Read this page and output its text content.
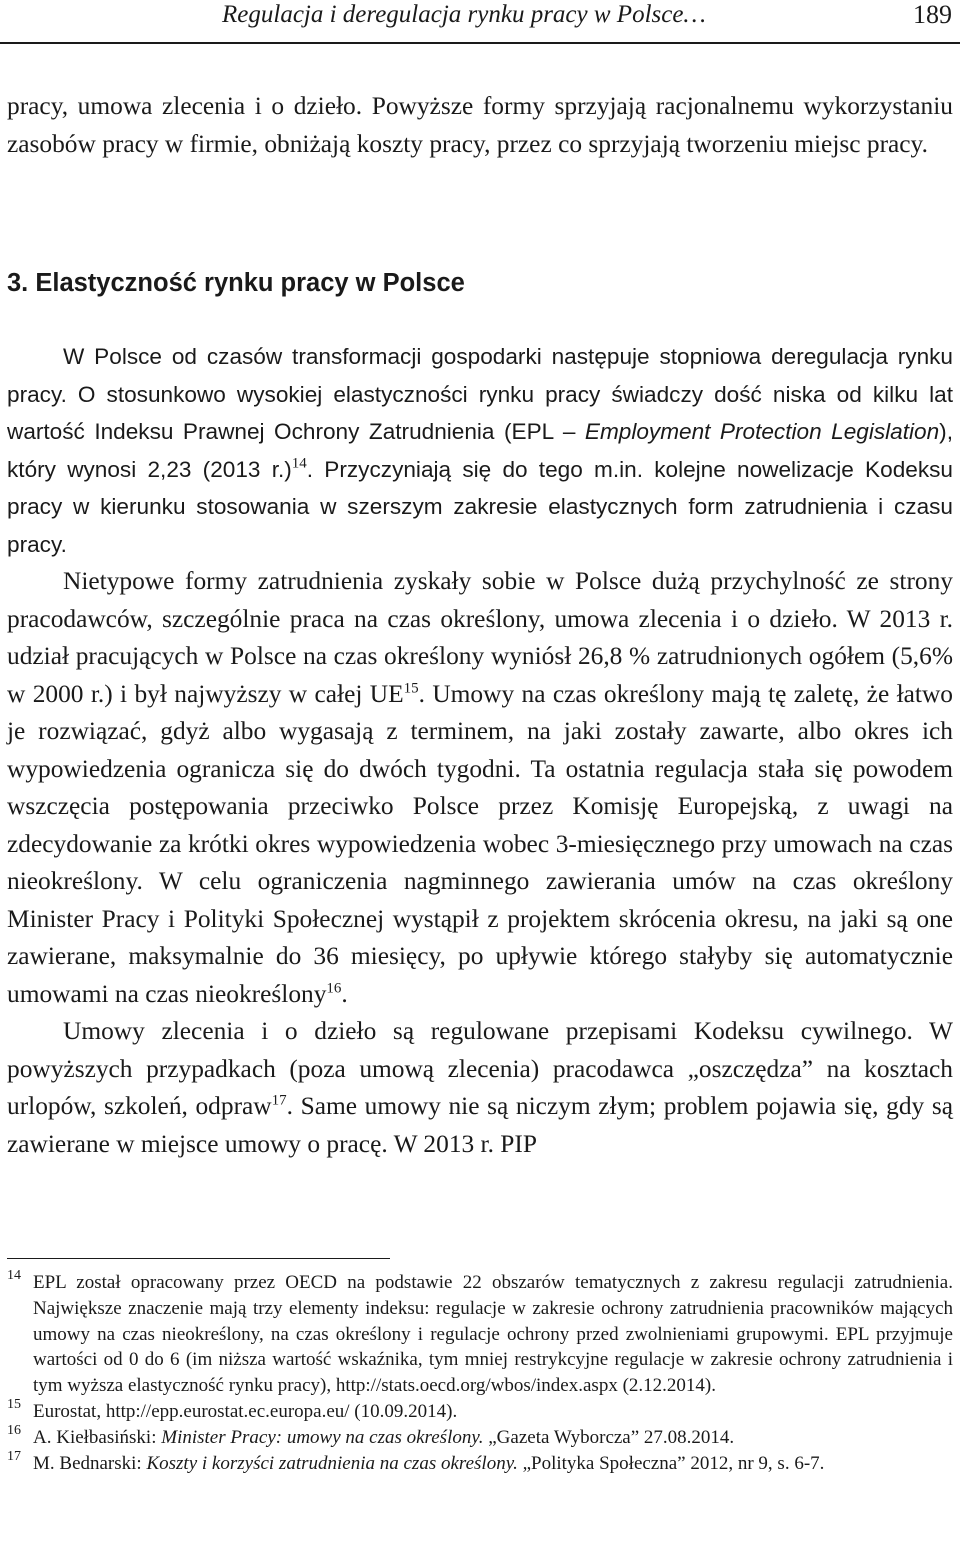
Regulacja i deregulacja rynku pracy w Polsce…	189

pracy, umowa zlecenia i o dzieło. Powyższe formy sprzyjają racjonalnemu wykorzystaniu zasobów pracy w firmie, obniżają koszty pracy, przez co sprzyjają tworzeniu miejsc pracy.

3. Elastyczność rynku pracy w Polsce
W Polsce od czasów transformacji gospodarki następuje stopniowa deregulacja rynku pracy. O stosunkowo wysokiej elastyczności rynku pracy świadczy dość niska od kilku lat wartość Indeksu Prawnej Ochrony Zatrudnienia (EPL – Employment Protection Legislation), który wynosi 2,23 (2013 r.)$^{14}$. Przyczyniają się do tego m.in. kolejne nowelizacje Kodeksu pracy w kierunku stosowania w szerszym zakresie elastycznych form zatrudnienia i czasu pracy.
Nietypowe formy zatrudnienia zyskały sobie w Polsce dużą przychylność ze strony pracodawców, szczególnie praca na czas określony, umowa zlecenia i o dzieło. W 2013 r. udział pracujących w Polsce na czas określony wyniósł 26,8 % zatrudnionych ogółem (5,6% w 2000 r.) i był najwyższy w całej UE$^{15}$. Umowy na czas określony mają tę zaletę, że łatwo je rozwiązać, gdyż albo wygasają z terminem, na jaki zostały zawarte, albo okres ich wypowiedzenia ogranicza się do dwóch tygodni. Ta ostatnia regulacja stała się powodem wszczęcia postępowania przeciwko Polsce przez Komisję Europejską, z uwagi na zdecydowanie za krótki okres wypowiedzenia wobec 3-miesięcznego przy umowach na czas nieokreślony. W celu ograniczenia nagminnego zawierania umów na czas określony Minister Pracy i Polityki Społecznej wystąpił z projektem skrócenia okresu, na jaki są one zawierane, maksymalnie do 36 miesięcy, po upływie którego stałyby się automatycznie umowami na czas nieokreślony$^{16}$.
Umowy zlecenia i o dzieło są regulowane przepisami Kodeksu cywilnego. W powyższych przypadkach (poza umową zlecenia) pracodawca „oszczędza” na kosztach urlopów, szkoleń, odpraw$^{17}$. Same umowy nie są niczym złym; problem pojawia się, gdy są zawierane w miejsce umowy o pracę. W 2013 r. PIP

14 EPL został opracowany przez OECD na podstawie 22 obszarów tematycznych z zakresu regulacji zatrudnienia. Największe znaczenie mają trzy elementy indeksu: regulacje w zakresie ochrony zatrudnienia pracowników mających umowy na czas nieokreślony, na czas określony i regulacje ochrony przed zwolnieniami grupowymi. EPL przyjmuje wartości od 0 do 6 (im niższa wartość wskaźnika, tym mniej restrykcyjne regulacje w zakresie ochrony zatrudnienia i tym wyższa elastyczność rynku pracy), http://stats.oecd.org/wbos/index.aspx (2.12.2014).

15 Eurostat, http://epp.eurostat.ec.europa.eu/ (10.09.2014).

16 A. Kiełbasiński: Minister Pracy: umowy na czas określony. „Gazeta Wyborcza” 27.08.2014.

17 M. Bednarski: Koszty i korzyści zatrudnienia na czas określony. „Polityka Społeczna” 2012, nr 9, s. 6-7.
